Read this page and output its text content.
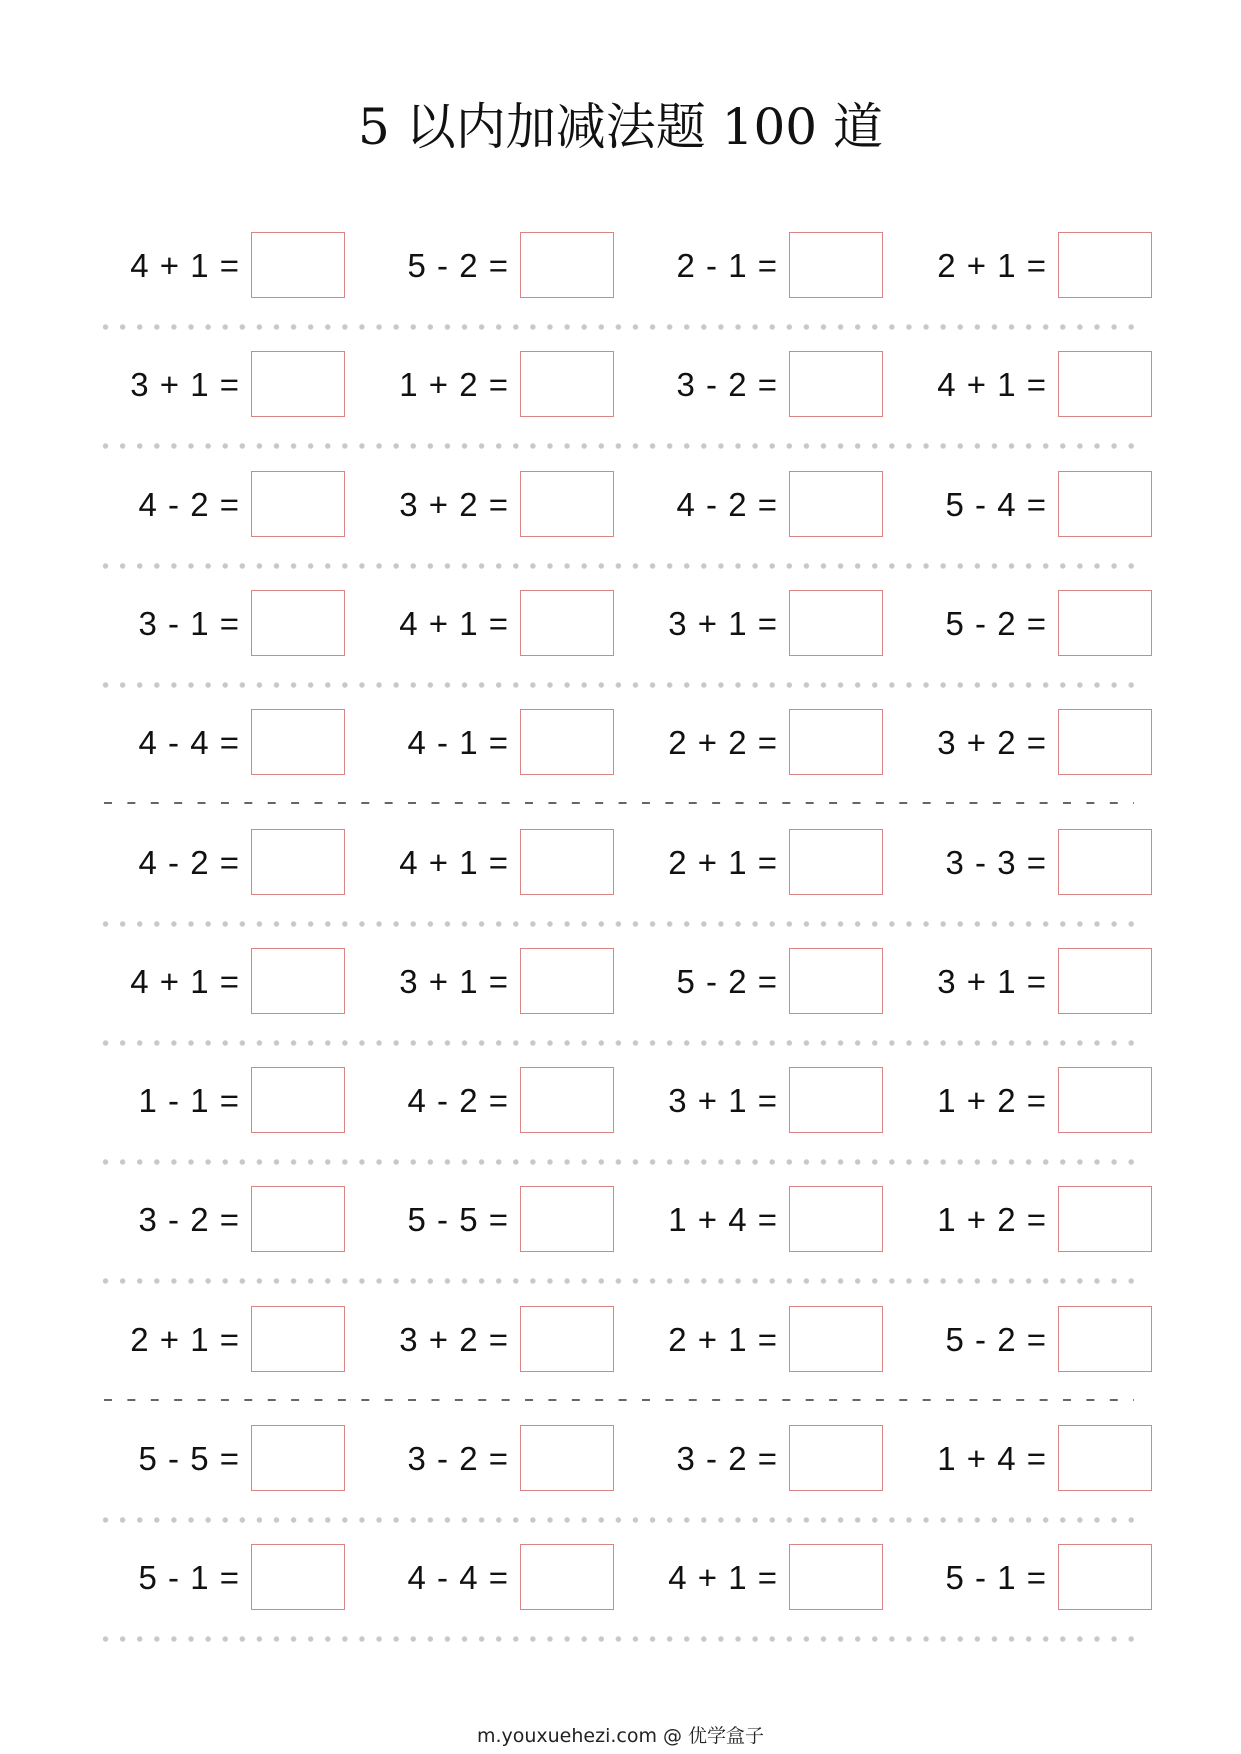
5 以内加减法题 100 道
4 + 1 =	5 - 2 =	2 - 1 =	2 + 1 =
3 + 1 =	1 + 2 =	3 - 2 =	4 + 1 =
4 - 2 =	3 + 2 =	4 - 2 =	5 - 4 =
3 - 1 =	4 + 1 =	3 + 1 =	5 - 2 =
4 - 4 =	4 - 1 =	2 + 2 =	3 + 2 =
4 - 2 =	4 + 1 =	2 + 1 =	3 - 3 =
4 + 1 =	3 + 1 =	5 - 2 =	3 + 1 =
1 - 1 =	4 - 2 =	3 + 1 =	1 + 2 =
3 - 2 =	5 - 5 =	1 + 4 =	1 + 2 =
2 + 1 =	3 + 2 =	2 + 1 =	5 - 2 =
5 - 5 =	3 - 2 =	3 - 2 =	1 + 4 =
5 - 1 =	4 - 4 =	4 + 1 =	5 - 1 =
m.youxuehezi.com @ 优学盒子
